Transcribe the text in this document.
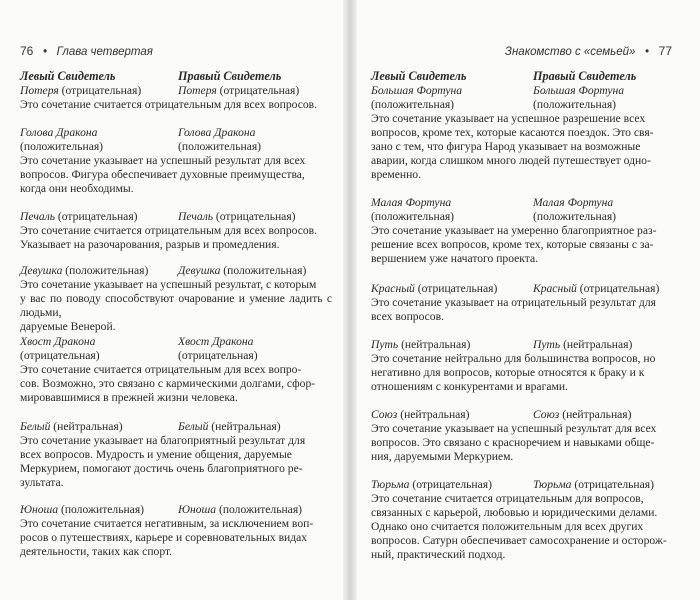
76 • Глава четвертая
Левый Свидетель	Правый Свидетель
Потеря (отрицательная)	Потеря (отрицательная)
Это сочетание считается отрицательным для всех вопросов.
Голова Дракона	Голова Дракона
(положительная)	(положительная)
Это сочетание указывает на успешный результат для всех
вопросов. Фигура обеспечивает духовные преимущества,
когда они необходимы.
Печаль (отрицательная)	Печаль (отрицательная)
Это сочетание считается отрицательным для всех вопросов.
Указывает на разочарования, разрыв и промедления.
Девушка (положительная)	Девушка (положительная)
Это сочетание указывает на успешный результат, с которым
у вас по поводу способствуют очарование и умение ладить с людьми,
даруемые Венерой.
Хвост Дракона	Хвост Дракона
(отрицательная)	(отрицательная)
Это сочетание считается отрицательным для всех вопро-
сов. Возможно, это связано с кармическими долгами, сфор-
мировавшимися в прежней жизни человека.
Белый (нейтральная)	Белый (нейтральная)
Это сочетание указывает на благоприятный результат для
всех вопросов. Мудрость и умение общения, даруемые
Меркурием, помогают достичь очень благоприятного ре-
зультата.
Юноша (положительная)	Юноша (положительная)
Это сочетание считается негативным, за исключением воп-
росов о путешествиях, карьере и соревновательных видах
деятельности, таких как спорт.
Знакомство с «семьей» • 77
Левый Свидетель	Правый Свидетель
Большая Фортуна	Большая Фортуна
(положительная)	(положительная)
Это сочетание указывает на успешное разрешение всех
вопросов, кроме тех, которые касаются поездок. Это свя-
зано с тем, что фигура Народ указывает на возможные
аварии, когда слишком много людей путешествует одно-
временно.
Малая Фортуна	Малая Фортуна
(положительная)	(положительная)
Это сочетание указывает на умеренно благоприятное раз-
решение всех вопросов, кроме тех, которые связаны с за-
вершением уже начатого проекта.
Красный (отрицательная)	Красный (отрицательная)
Это сочетание указывает на отрицательный результат для
всех вопросов.
Путь (нейтральная)	Путь (нейтральная)
Это сочетание нейтрально для большинства вопросов, но
негативно для вопросов, которые относятся к браку и к
отношениям с конкурентами и врагами.
Союз (нейтральная)	Союз (нейтральная)
Это сочетание указывает на успешный результат для всех
вопросов. Это связано с красноречием и навыками обще-
ния, даруемыми Меркурием.
Тюрьма (отрицательная)	Тюрьма (отрицательная)
Это сочетание считается отрицательным для вопросов,
связанных с карьерой, любовью и юридическими делами.
Однако оно считается положительным для всех других
вопросов. Сатурн обеспечивает самосохранение и осторож-
ный, практический подход.
